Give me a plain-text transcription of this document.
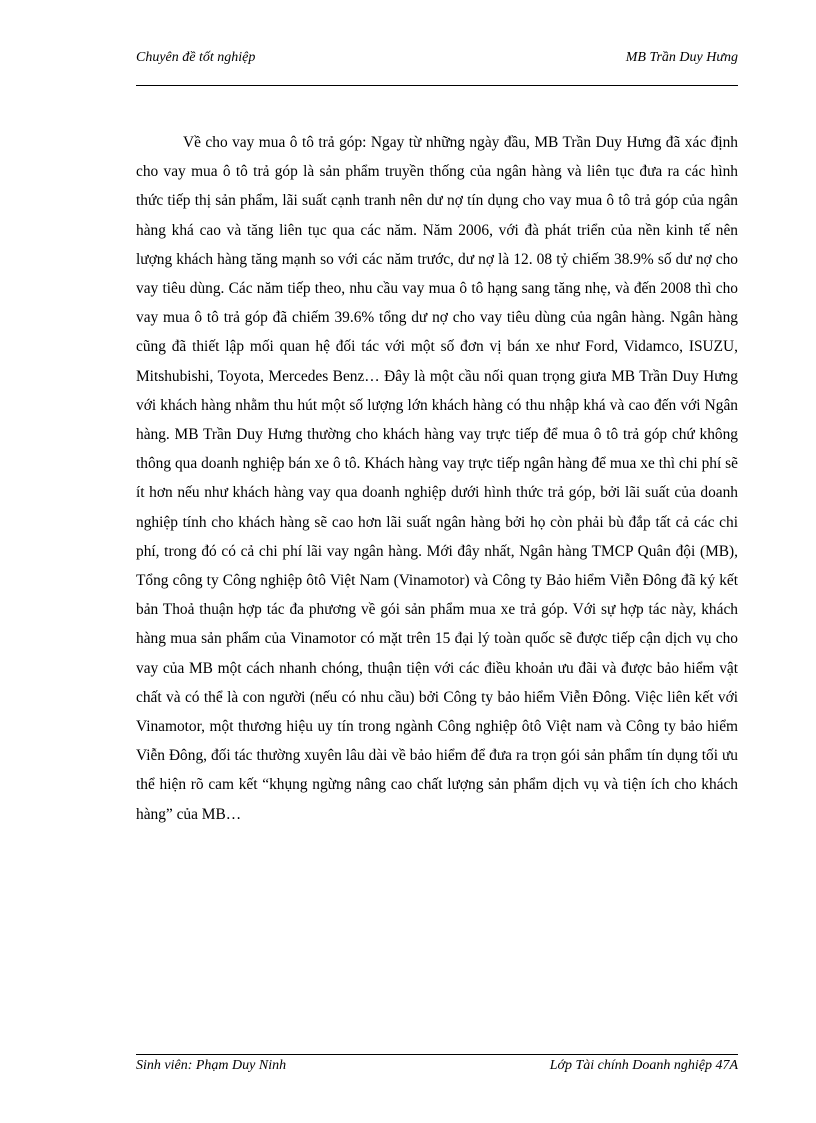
Chuyên đề tốt nghiệp	MB Trần Duy Hưng

Về cho vay mua ô tô trả góp: Ngay từ những ngày đầu, MB Trần Duy Hưng đã xác định cho vay mua ô tô trả góp là sản phẩm truyền thống của ngân hàng và liên tục đưa ra các hình thức tiếp thị sản phẩm, lãi suất cạnh tranh nên dư nợ tín dụng cho vay mua ô tô trả góp của ngân hàng khá cao và tăng liên tục qua các năm. Năm 2006, với đà phát triển của nền kinh tế nên lượng khách hàng tăng mạnh so với các năm trước, dư nợ là 12. 08 tỷ chiếm 38.9% số dư nợ cho vay tiêu dùng. Các năm tiếp theo, nhu cầu vay mua ô tô hạng sang tăng nhẹ, và đến 2008 thì cho vay mua ô tô trả góp đã chiếm 39.6% tổng dư nợ cho vay tiêu dùng của ngân hàng. Ngân hàng cũng đã thiết lập mối quan hệ đối tác với một số đơn vị bán xe như Ford, Vidamco, ISUZU, Mitshubishi, Toyota, Mercedes Benz… Đây là một cầu nối quan trọng giưa MB Trần Duy Hưng với khách hàng nhằm thu hút một số lượng lớn khách hàng có thu nhập khá và cao đến với Ngân hàng. MB Trần Duy Hưng thường cho khách hàng vay trực tiếp để mua ô tô trả góp chứ không thông qua doanh nghiệp bán xe ô tô. Khách hàng vay trực tiếp ngân hàng để mua xe thì chi phí sẽ ít hơn nếu như khách hàng vay qua doanh nghiệp dưới hình thức trả góp, bởi lãi suất của doanh nghiệp tính cho khách hàng sẽ cao hơn lãi suất ngân hàng bởi họ còn phải bù đắp tất cả các chi phí, trong đó có cả chi phí lãi vay ngân hàng. Mới đây nhất, Ngân hàng TMCP Quân đội (MB), Tổng công ty Công nghiệp ôtô Việt Nam (Vinamotor) và Công ty Bảo hiểm Viễn Đông đã ký kết bản Thoả thuận hợp tác đa phương về gói sản phẩm mua xe trả góp. Với sự hợp tác này, khách hàng mua sản phẩm của Vinamotor có mặt trên 15 đại lý toàn quốc sẽ được tiếp cận dịch vụ cho vay của MB một cách nhanh chóng, thuận tiện với các điều khoản ưu đãi và được bảo hiểm vật chất và có thể là con người (nếu có nhu cầu) bởi Công ty bảo hiểm Viễn Đông. Việc liên kết với Vinamotor, một thương hiệu uy tín trong ngành Công nghiệp ôtô Việt nam và Công ty bảo hiểm Viễn Đông, đối tác thường xuyên lâu dài về bảo hiểm để đưa ra trọn gói sản phẩm tín dụng tối ưu thể hiện rõ cam kết “khụng ngừng nâng cao chất lượng sản phẩm dịch vụ và tiện ích cho khách hàng” của MB…

Sinh viên: Phạm Duy Ninh	Lớp Tài chính Doanh nghiệp 47A
